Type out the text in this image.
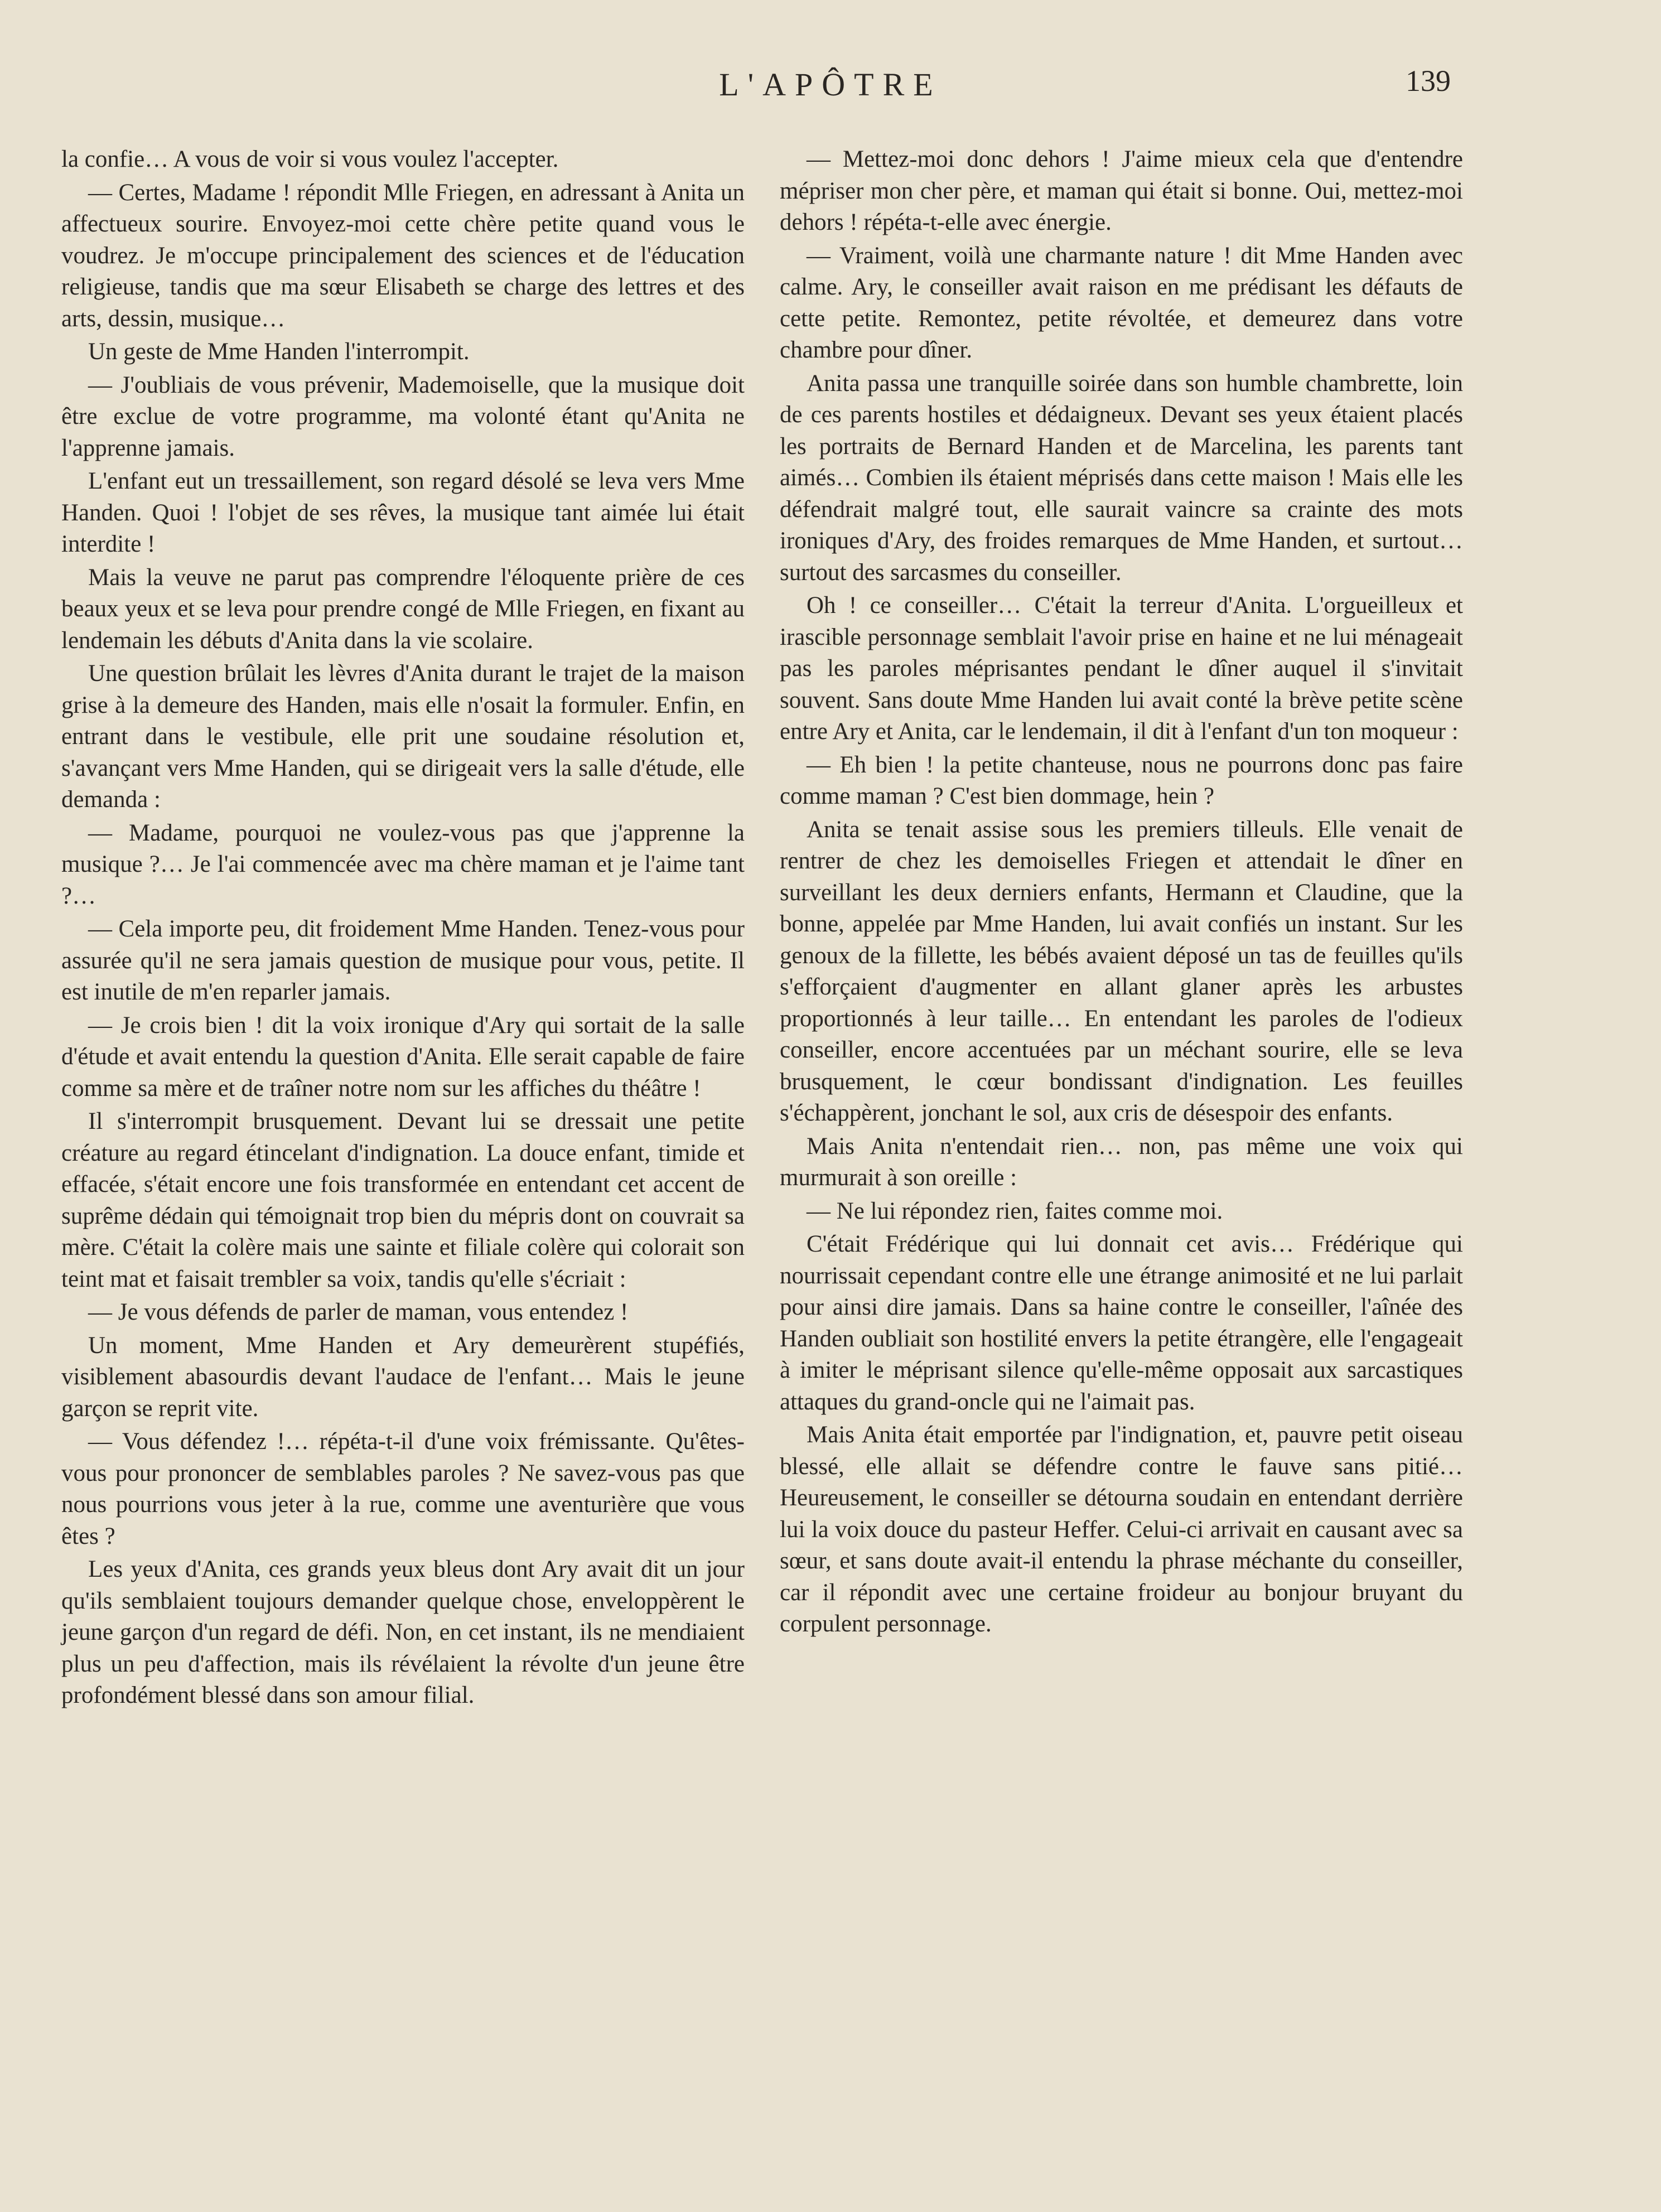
L'APÔTRE	139

la confie… A vous de voir si vous voulez l'accepter.

— Certes, Madame ! répondit Mlle Friegen, en adressant à Anita un affectueux sourire. Envoyez-moi cette chère petite quand vous le voudrez. Je m'occupe principalement des sciences et de l'éducation religieuse, tandis que ma sœur Elisabeth se charge des lettres et des arts, dessin, musique…

Un geste de Mme Handen l'interrompit.

— J'oubliais de vous prévenir, Mademoiselle, que la musique doit être exclue de votre programme, ma volonté étant qu'Anita ne l'apprenne jamais.

L'enfant eut un tressaillement, son regard désolé se leva vers Mme Handen. Quoi ! l'objet de ses rêves, la musique tant aimée lui était interdite !

Mais la veuve ne parut pas comprendre l'éloquente prière de ces beaux yeux et se leva pour prendre congé de Mlle Friegen, en fixant au lendemain les débuts d'Anita dans la vie scolaire.

Une question brûlait les lèvres d'Anita durant le trajet de la maison grise à la demeure des Handen, mais elle n'osait la formuler. Enfin, en entrant dans le vestibule, elle prit une soudaine résolution et, s'avançant vers Mme Handen, qui se dirigeait vers la salle d'étude, elle demanda :

— Madame, pourquoi ne voulez-vous pas que j'apprenne la musique ?… Je l'ai commencée avec ma chère maman et je l'aime tant ?…

— Cela importe peu, dit froidement Mme Handen. Tenez-vous pour assurée qu'il ne sera jamais question de musique pour vous, petite. Il est inutile de m'en reparler jamais.

— Je crois bien ! dit la voix ironique d'Ary qui sortait de la salle d'étude et avait entendu la question d'Anita. Elle serait capable de faire comme sa mère et de traîner notre nom sur les affiches du théâtre !

Il s'interrompit brusquement. Devant lui se dressait une petite créature au regard étincelant d'indignation. La douce enfant, timide et effacée, s'était encore une fois transformée en entendant cet accent de suprême dédain qui témoignait trop bien du mépris dont on couvrait sa mère. C'était la colère mais une sainte et filiale colère qui colorait son teint mat et faisait trembler sa voix, tandis qu'elle s'écriait :

— Je vous défends de parler de maman, vous entendez !

Un moment, Mme Handen et Ary demeurèrent stupéfiés, visiblement abasourdis devant l'audace de l'enfant… Mais le jeune garçon se reprit vite.

— Vous défendez !… répéta-t-il d'une voix frémissante. Qu'êtes-vous pour prononcer de semblables paroles ? Ne savez-vous pas que nous pourrions vous jeter à la rue, comme une aventurière que vous êtes ?

Les yeux d'Anita, ces grands yeux bleus dont Ary avait dit un jour qu'ils semblaient toujours demander quelque chose, enveloppèrent le jeune garçon d'un regard de défi. Non, en cet instant, ils ne mendiaient plus un peu d'affection, mais ils révélaient la révolte d'un jeune être profondément blessé dans son amour filial.

— Mettez-moi donc dehors ! J'aime mieux cela que d'entendre mépriser mon cher père, et maman qui était si bonne. Oui, mettez-moi dehors ! répéta-t-elle avec énergie.

— Vraiment, voilà une charmante nature ! dit Mme Handen avec calme. Ary, le conseiller avait raison en me prédisant les défauts de cette petite. Remontez, petite révoltée, et demeurez dans votre chambre pour dîner.

Anita passa une tranquille soirée dans son humble chambrette, loin de ces parents hostiles et dédaigneux. Devant ses yeux étaient placés les portraits de Bernard Handen et de Marcelina, les parents tant aimés… Combien ils étaient méprisés dans cette maison ! Mais elle les défendrait malgré tout, elle saurait vaincre sa crainte des mots ironiques d'Ary, des froides remarques de Mme Handen, et surtout… surtout des sarcasmes du conseiller.

Oh ! ce conseiller… C'était la terreur d'Anita. L'orgueilleux et irascible personnage semblait l'avoir prise en haine et ne lui ménageait pas les paroles méprisantes pendant le dîner auquel il s'invitait souvent. Sans doute Mme Handen lui avait conté la brève petite scène entre Ary et Anita, car le lendemain, il dit à l'enfant d'un ton moqueur :

— Eh bien ! la petite chanteuse, nous ne pourrons donc pas faire comme maman ? C'est bien dommage, hein ?

Anita se tenait assise sous les premiers tilleuls. Elle venait de rentrer de chez les demoiselles Friegen et attendait le dîner en surveillant les deux derniers enfants, Hermann et Claudine, que la bonne, appelée par Mme Handen, lui avait confiés un instant. Sur les genoux de la fillette, les bébés avaient déposé un tas de feuilles qu'ils s'efforçaient d'augmenter en allant glaner après les arbustes proportionnés à leur taille… En entendant les paroles de l'odieux conseiller, encore accentuées par un méchant sourire, elle se leva brusquement, le cœur bondissant d'indignation. Les feuilles s'échappèrent, jonchant le sol, aux cris de désespoir des enfants.

Mais Anita n'entendait rien… non, pas même une voix qui murmurait à son oreille :

— Ne lui répondez rien, faites comme moi.

C'était Frédérique qui lui donnait cet avis… Frédérique qui nourrissait cependant contre elle une étrange animosité et ne lui parlait pour ainsi dire jamais. Dans sa haine contre le conseiller, l'aînée des Handen oubliait son hostilité envers la petite étrangère, elle l'engageait à imiter le méprisant silence qu'elle-même opposait aux sarcastiques attaques du grand-oncle qui ne l'aimait pas.

Mais Anita était emportée par l'indignation, et, pauvre petit oiseau blessé, elle allait se défendre contre le fauve sans pitié… Heureusement, le conseiller se détourna soudain en entendant derrière lui la voix douce du pasteur Heffer. Celui-ci arrivait en causant avec sa sœur, et sans doute avait-il entendu la phrase méchante du conseiller, car il répondit avec une certaine froideur au bonjour bruyant du corpulent personnage.
